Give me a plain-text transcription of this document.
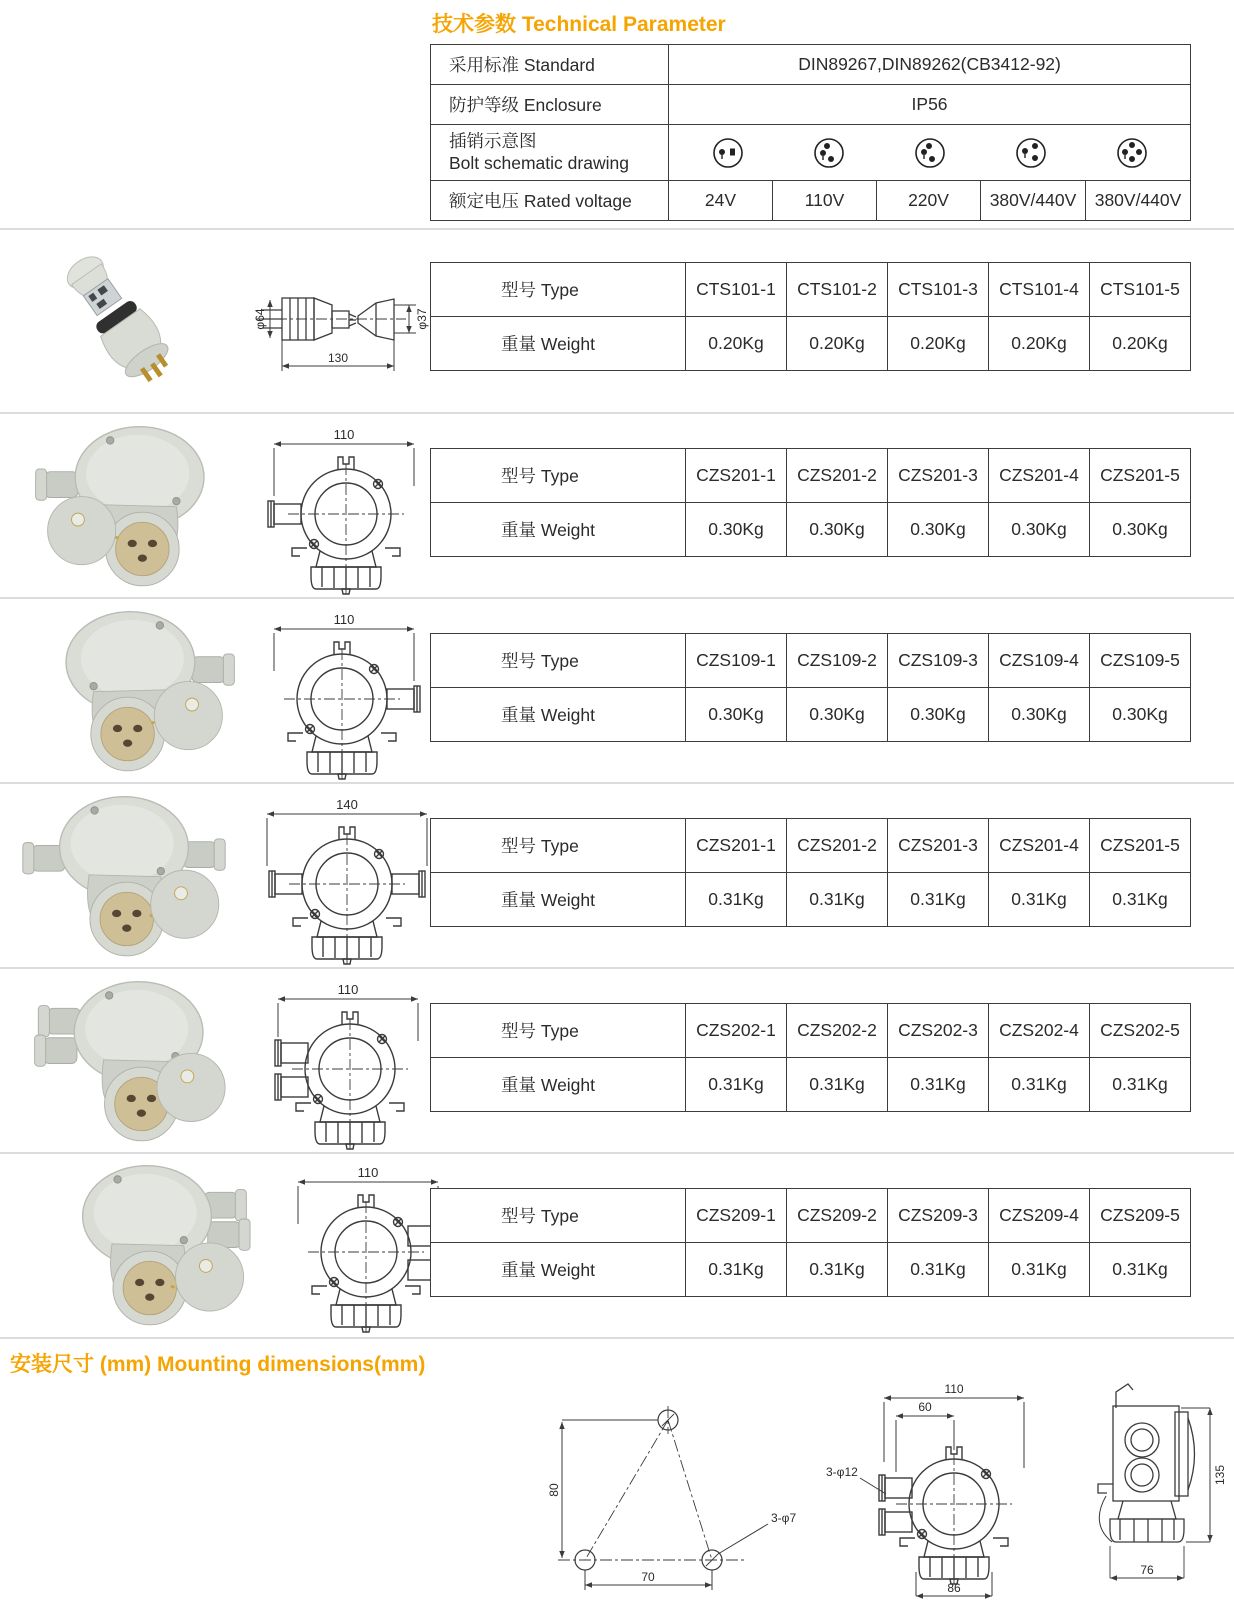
技术参数 Technical Parameter
采用标准 Standard	DIN89267,DIN89262(CB3412-92)				
防护等级 Enclosure	IP56				
插销示意图
Bolt schematic drawing	

额定电压 Rated voltage	24V	110V	220V	380V/440V	380V/440V
φ64	φ37
130
型号 Type	CTS101-1	CTS101-2	CTS101-3	CTS101-4	CTS101-5
重量 Weight	0.20Kg	0.20Kg	0.20Kg	0.20Kg	0.20Kg
110
型号 Type	CZS201-1	CZS201-2	CZS201-3	CZS201-4	CZS201-5
重量 Weight	0.30Kg	0.30Kg	0.30Kg	0.30Kg	0.30Kg
110
型号 Type	CZS109-1	CZS109-2	CZS109-3	CZS109-4	CZS109-5
重量 Weight	0.30Kg	0.30Kg	0.30Kg	0.30Kg	0.30Kg
140
型号 Type	CZS201-1	CZS201-2	CZS201-3	CZS201-4	CZS201-5
重量 Weight	0.31Kg	0.31Kg	0.31Kg	0.31Kg	0.31Kg
110
型号 Type	CZS202-1	CZS202-2	CZS202-3	CZS202-4	CZS202-5
重量 Weight	0.31Kg	0.31Kg	0.31Kg	0.31Kg	0.31Kg
110
型号 Type	CZS209-1	CZS209-2	CZS209-3	CZS209-4	CZS209-5
重量 Weight	0.31Kg	0.31Kg	0.31Kg	0.31Kg	0.31Kg
安装尺寸 (mm) Mounting dimensions(mm)
80
70
3-φ7
110
60
86
3-φ12	135
76
